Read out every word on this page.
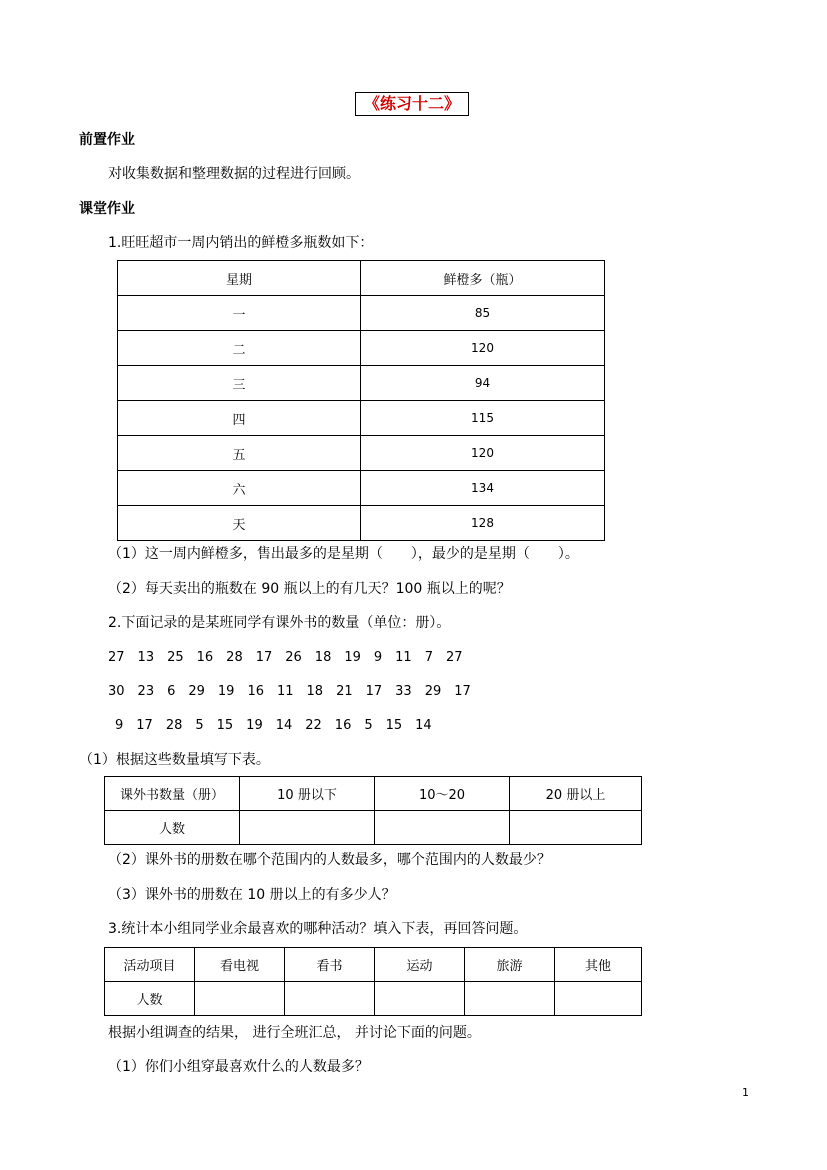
《练习十二》
前置作业
对收集数据和整理数据的过程进行回顾。
课堂作业
1.旺旺超市一周内销出的鲜橙多瓶数如下：
星期	鲜橙多（瓶）
一	85
二	120
三	94
四	115
五	120
六	134
天	128
（1）这一周内鲜橙多，售出最多的是星期（　　），最少的是星期（　　）。
（2）每天卖出的瓶数在 90 瓶以上的有几天？100 瓶以上的呢？
2.下面记录的是某班同学有课外书的数量（单位：册）。
27　13　25　16　28　17　26　18　19　9　11　7　27
30　23　6　29　19　16　11　18　21　17　33　29　17
9　17　28　5　15　19　14　22　16　5　15　14
（1）根据这些数量填写下表。
课外书数量（册）	10 册以下	10～20	20 册以上
人数			
（2）课外书的册数在哪个范围内的人数最多，哪个范围内的人数最少？
（3）课外书的册数在 10 册以上的有多少人？
3.统计本小组同学业余最喜欢的哪种活动？填入下表，再回答问题。
活动项目	看电视	看书	运动	旅游	其他
人数					
根据小组调查的结果， 进行全班汇总， 并讨论下面的问题。
（1）你们小组穿最喜欢什么的人数最多？
1
